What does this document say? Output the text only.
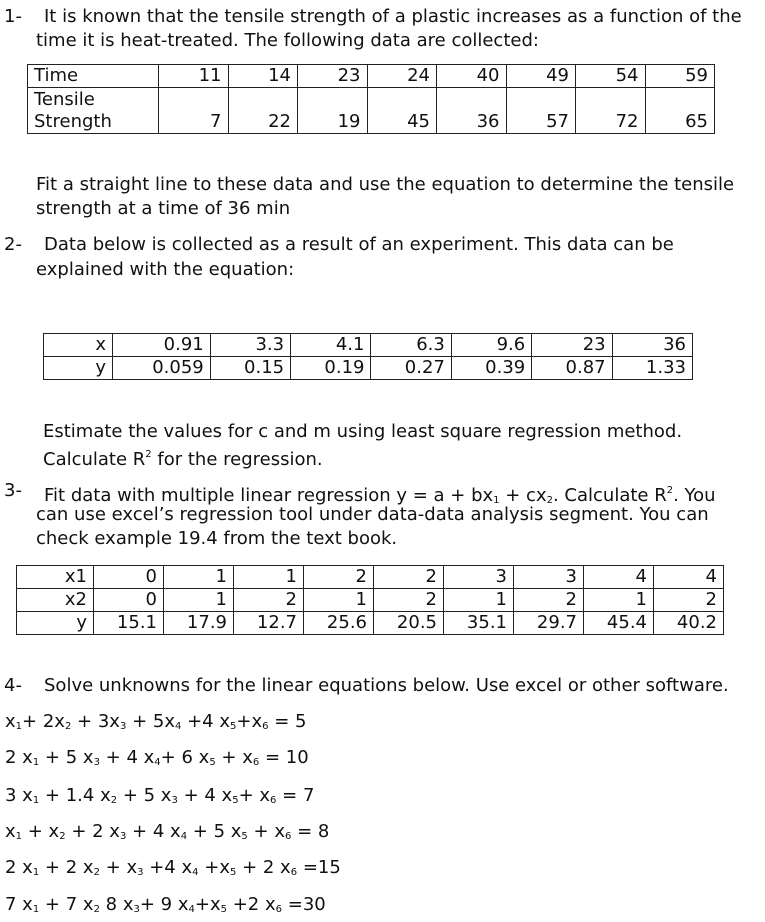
1- It is known that the tensile strength of a plastic increases as a function of the
time it is heat-treated. The following data are collected:
Time	11	14	23	24	40	49	54	59
Tensile
Strength	7	22	19	45	36	57	72	65
Fit a straight line to these data and use the equation to determine the tensile
strength at a time of 36 min
2- Data below is collected as a result of an experiment. This data can be
explained with the equation:
x	0.91	3.3	4.1	6.3	9.6	23	36
y	0.059	0.15	0.19	0.27	0.39	0.87	1.33
Estimate the values for c and m using least square regression method.
Calculate $R^2$ for the regression.
3- Fit data with multiple linear regression $y = a + bx_1 + cx_2$. Calculate $R^2$. You
can use excel’s regression tool under data-data analysis segment. You can
check example 19.4 from the text book.
x1	0	1	1	2	2	3	3	4	4
x2	0	1	2	1	2	1	2	1	2
y	15.1	17.9	12.7	25.6	20.5	35.1	29.7	45.4	40.2
4- Solve unknowns for the linear equations below. Use excel or other software.
$x_1+ 2x_2 + 3x_3 + 5x_4 +4$ $x_5+x_6 = 5$
2 $x_1 + 5$ $x_3 + 4$ $x_4+ 6$ $x_5 + x_6 = 10$
3 $x_1 + 1.4$ $x_2 + 5$ $x_3 + 4$ $x_5+ x_6 = 7$
$x_1 + x_2 + 2$ $x_3 + 4$ $x_4 + 5$ $x_5 + x_6 = 8$
2 $x_1 + 2$ $x_2 + x_3 +4$ $x_4 +x_5 + 2$ $x_6 =15$
7 $x_1 + 7$ $x_2$ 8 $x_3+ 9$ $x_4+x_5 +2$ $x_6 =30$
